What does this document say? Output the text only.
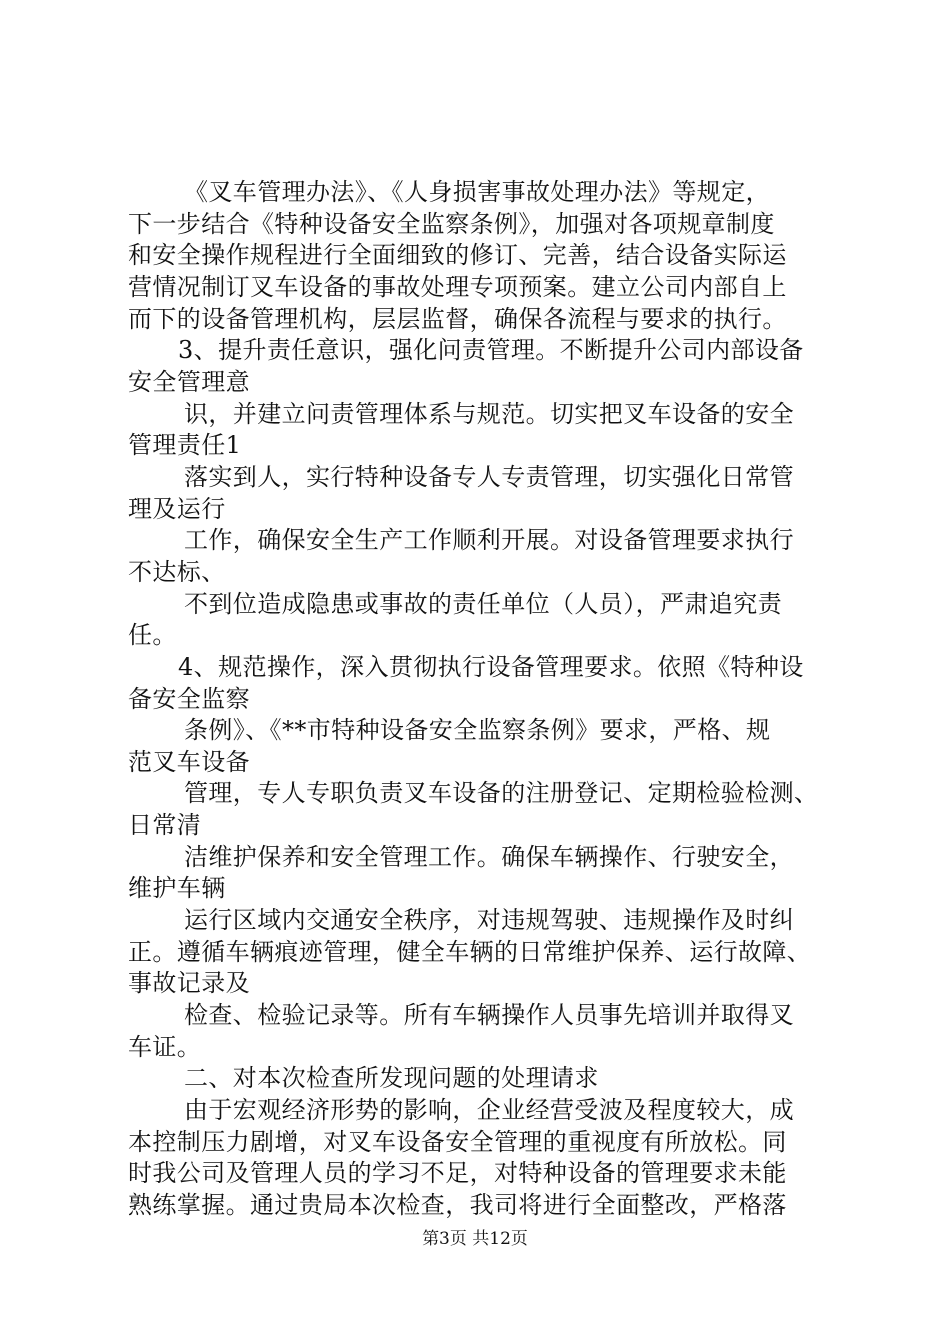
《叉车管理办法》、《人身损害事故处理办法》等规定，
下一步结合《特种设备安全监察条例》，加强对各项规章制度
和安全操作规程进行全面细致的修订、完善，结合设备实际运
营情况制订叉车设备的事故处理专项预案。建立公司内部自上
而下的设备管理机构，层层监督，确保各流程与要求的执行。
3、提升责任意识，强化问责管理。不断提升公司内部设备
安全管理意
识，并建立问责管理体系与规范。切实把叉车设备的安全
管理责任1
落实到人，实行特种设备专人专责管理，切实强化日常管
理及运行
工作，确保安全生产工作顺利开展。对设备管理要求执行
不达标、
不到位造成隐患或事故的责任单位（人员），严肃追究责
任。
4、规范操作，深入贯彻执行设备管理要求。依照《特种设
备安全监察
条例》、《**市特种设备安全监察条例》要求，严格、规
范叉车设备
管理，专人专职负责叉车设备的注册登记、定期检验检测、
日常清
洁维护保养和安全管理工作。确保车辆操作、行驶安全，
维护车辆
运行区域内交通安全秩序，对违规驾驶、违规操作及时纠
正。遵循车辆痕迹管理，健全车辆的日常维护保养、运行故障、
事故记录及
检查、检验记录等。所有车辆操作人员事先培训并取得叉
车证。
二、对本次检查所发现问题的处理请求
由于宏观经济形势的影响，企业经营受波及程度较大，成
本控制压力剧增，对叉车设备安全管理的重视度有所放松。同
时我公司及管理人员的学习不足，对特种设备的管理要求未能
熟练掌握。通过贵局本次检查，我司将进行全面整改，严格落
第3页 共12页
